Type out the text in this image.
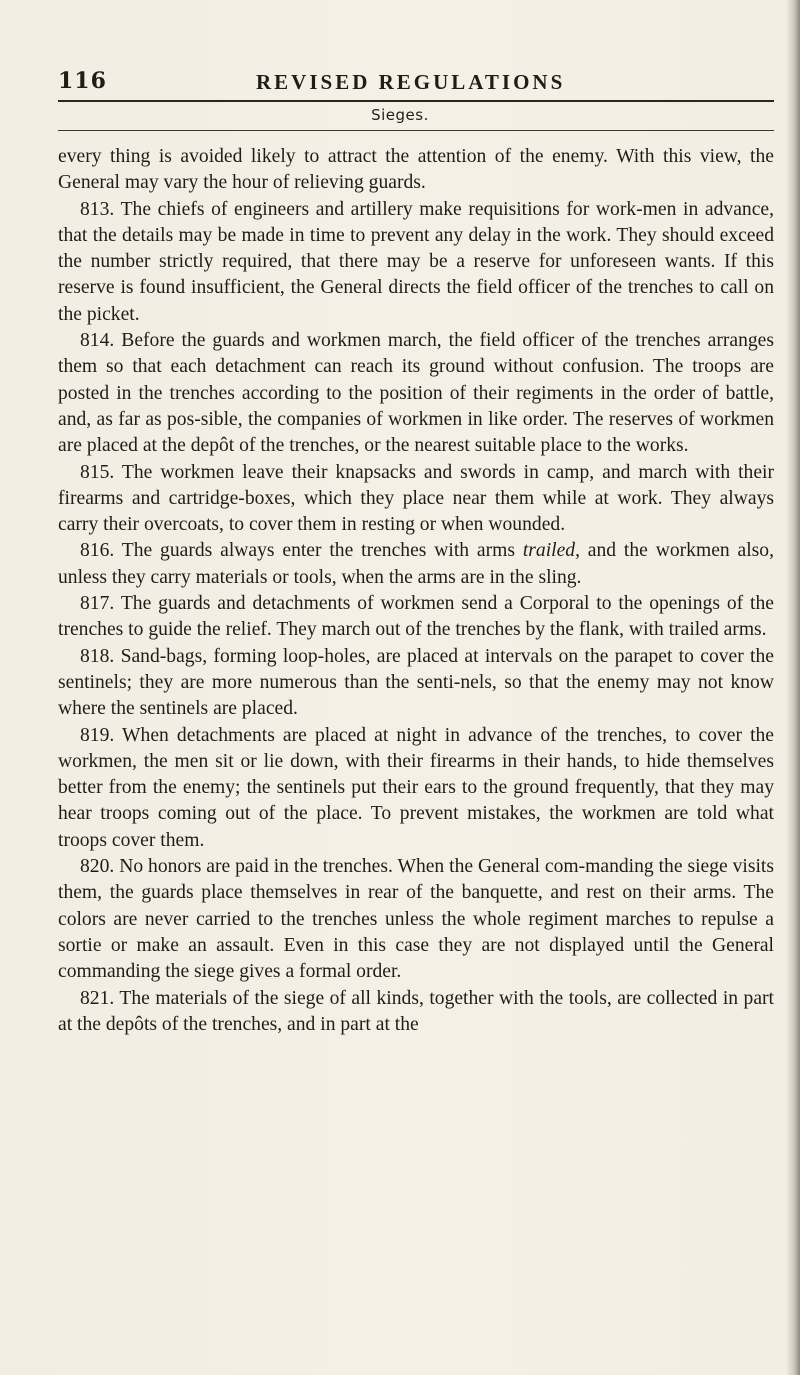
116	REVISED REGULATIONS
Sieges.

every thing is avoided likely to attract the attention of the enemy. With this view, the General may vary the hour of relieving guards.

813. The chiefs of engineers and artillery make requisitions for work-men in advance, that the details may be made in time to prevent any delay in the work. They should exceed the number strictly required, that there may be a reserve for unforeseen wants. If this reserve is found insufficient, the General directs the field officer of the trenches to call on the picket.

814. Before the guards and workmen march, the field officer of the trenches arranges them so that each detachment can reach its ground without confusion. The troops are posted in the trenches according to the position of their regiments in the order of battle, and, as far as pos-sible, the companies of workmen in like order. The reserves of workmen are placed at the depôt of the trenches, or the nearest suitable place to the works.

815. The workmen leave their knapsacks and swords in camp, and march with their firearms and cartridge-boxes, which they place near them while at work. They always carry their overcoats, to cover them in resting or when wounded.

816. The guards always enter the trenches with arms trailed, and the workmen also, unless they carry materials or tools, when the arms are in the sling.

817. The guards and detachments of workmen send a Corporal to the openings of the trenches to guide the relief. They march out of the trenches by the flank, with trailed arms.

818. Sand-bags, forming loop-holes, are placed at intervals on the parapet to cover the sentinels; they are more numerous than the senti-nels, so that the enemy may not know where the sentinels are placed.

819. When detachments are placed at night in advance of the trenches, to cover the workmen, the men sit or lie down, with their firearms in their hands, to hide themselves better from the enemy; the sentinels put their ears to the ground frequently, that they may hear troops coming out of the place. To prevent mistakes, the workmen are told what troops cover them.

820. No honors are paid in the trenches. When the General com-manding the siege visits them, the guards place themselves in rear of the banquette, and rest on their arms. The colors are never carried to the trenches unless the whole regiment marches to repulse a sortie or make an assault. Even in this case they are not displayed until the General commanding the siege gives a formal order.

821. The materials of the siege of all kinds, together with the tools, are collected in part at the depôts of the trenches, and in part at the
